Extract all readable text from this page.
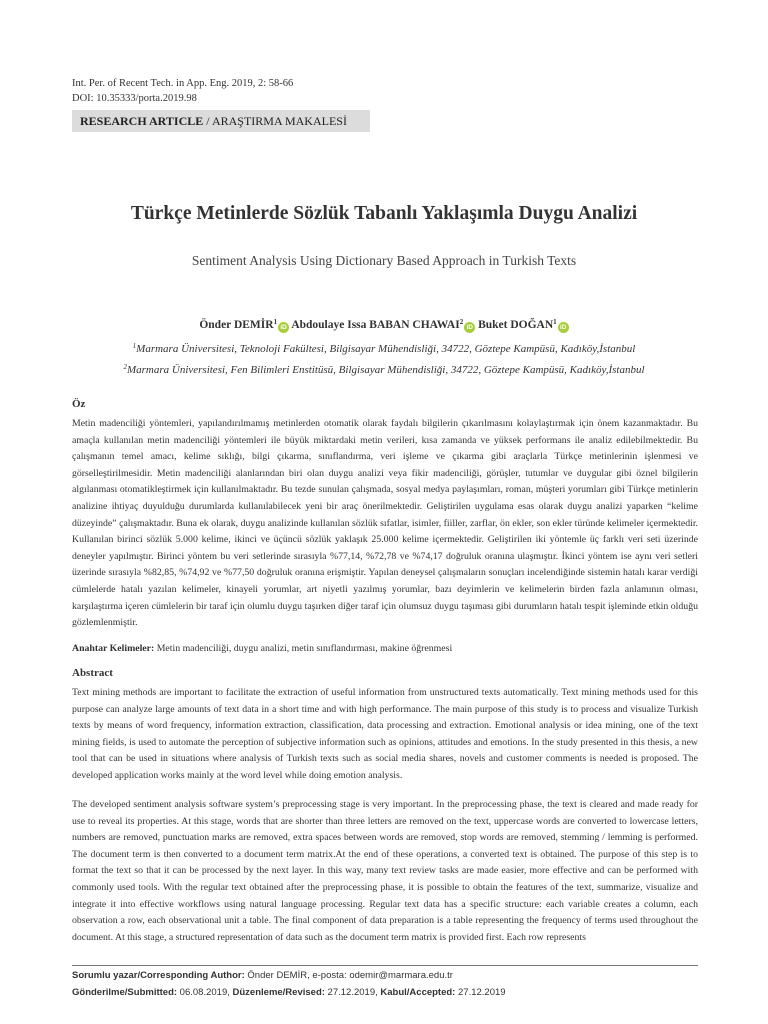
Int. Per. of Recent Tech. in App. Eng. 2019, 2: 58-66
DOI: 10.35333/porta.2019.98
RESEARCH ARTICLE / ARAŞTIRMA MAKALESİ
Türkçe Metinlerde Sözlük Tabanlı Yaklaşımla Duygu Analizi
Sentiment Analysis Using Dictionary Based Approach in Turkish Texts
Önder DEMİR$^1$iD Abdoulaye Issa BABAN CHAWAI$^2$iD Buket DOĞAN$^1$iD
$^1$Marmara Üniversitesi, Teknoloji Fakültesi, Bilgisayar Mühendisliği, 34722, Göztepe Kampüsü, Kadıköy,İstanbul
$^2$Marmara Üniversitesi, Fen Bilimleri Enstitüsü, Bilgisayar Mühendisliği, 34722, Göztepe Kampüsü, Kadıköy,İstanbul
Öz
Metin madenciliği yöntemleri, yapılandırılmamış metinlerden otomatik olarak faydalı bilgilerin çıkarılmasını kolaylaştırmak için önem kazanmaktadır. Bu amaçla kullanılan metin madenciliği yöntemleri ile büyük miktardaki metin verileri, kısa zamanda ve yüksek performans ile analiz edilebilmektedir. Bu çalışmanın temel amacı, kelime sıklığı, bilgi çıkarma, sınıflandırma, veri işleme ve çıkarma gibi araçlarla Türkçe metinlerinin işlenmesi ve görselleştirilmesidir. Metin madenciliği alanlarından biri olan duygu analizi veya fikir madenciliği, görüşler, tutumlar ve duygular gibi öznel bilgilerin algılanması otomatikleştirmek için kullanılmaktadır. Bu tezde sunulan çalışmada, sosyal medya paylaşımları, roman, müşteri yorumları gibi Türkçe metinlerin analizine ihtiyaç duyulduğu durumlarda kullanılabilecek yeni bir araç önerilmektedir. Geliştirilen uygulama esas olarak duygu analizi yaparken “kelime düzeyinde” çalışmaktadır. Buna ek olarak, duygu analizinde kullanılan sözlük sıfatlar, isimler, fiiller, zarflar, ön ekler, son ekler türünde kelimeler içermektedir. Kullanılan birinci sözlük 5.000 kelime, ikinci ve üçüncü sözlük yaklaşık 25.000 kelime içermektedir. Geliştirilen iki yöntemle üç farklı veri seti üzerinde deneyler yapılmıştır. Birinci yöntem bu veri setlerinde sırasıyla %77,14, %72,78 ve %74,17 doğruluk oranına ulaşmıştır. İkinci yöntem ise aynı veri setleri üzerinde sırasıyla %82,85, %74,92 ve %77,50 doğruluk oranına erişmiştir. Yapılan deneysel çalışmaların sonuçları incelendiğinde sistemin hatalı karar verdiği cümlelerde hatalı yazılan kelimeler, kinayeli yorumlar, art niyetli yazılmış yorumlar, bazı deyimlerin ve kelimelerin birden fazla anlamının olması, karşılaştırma içeren cümlelerin bir taraf için olumlu duygu taşırken diğer taraf için olumsuz duygu taşıması gibi durumların hatalı tespit işleminde etkin olduğu gözlemlenmiştir.
Anahtar Kelimeler: Metin madenciliği, duygu analizi, metin sınıflandırması, makine öğrenmesi
Abstract
Text mining methods are important to facilitate the extraction of useful information from unstructured texts automatically. Text mining methods used for this purpose can analyze large amounts of text data in a short time and with high performance. The main purpose of this study is to process and visualize Turkish texts by means of word frequency, information extraction, classification, data processing and extraction. Emotional analysis or idea mining, one of the text mining fields, is used to automate the perception of subjective information such as opinions, attitudes and emotions. In the study presented in this thesis, a new tool that can be used in situations where analysis of Turkish texts such as social media shares, novels and customer comments is needed is proposed. The developed application works mainly at the word level while doing emotion analysis.
The developed sentiment analysis software system’s preprocessing stage is very important. In the preprocessing phase, the text is cleared and made ready for use to reveal its properties. At this stage, words that are shorter than three letters are removed on the text, uppercase words are converted to lowercase letters, numbers are removed, punctuation marks are removed, extra spaces between words are removed, stop words are removed, stemming / lemming is performed. The document term is then converted to a document term matrix.At the end of these operations, a converted text is obtained. The purpose of this step is to format the text so that it can be processed by the next layer. In this way, many text review tasks are made easier, more effective and can be performed with commonly used tools. With the regular text obtained after the preprocessing phase, it is possible to obtain the features of the text, summarize, visualize and integrate it into effective workflows using natural language processing. Regular text data has a specific structure: each variable creates a column, each observation a row, each observational unit a table. The final component of data preparation is a table representing the frequency of terms used throughout the document. At this stage, a structured representation of data such as the document term matrix is provided first. Each row represents
Sorumlu yazar/Corresponding Author: Önder DEMİR, e-posta: odemir@marmara.edu.tr
Gönderilme/Submitted: 06.08.2019, Düzenleme/Revised: 27.12.2019, Kabul/Accepted: 27.12.2019
